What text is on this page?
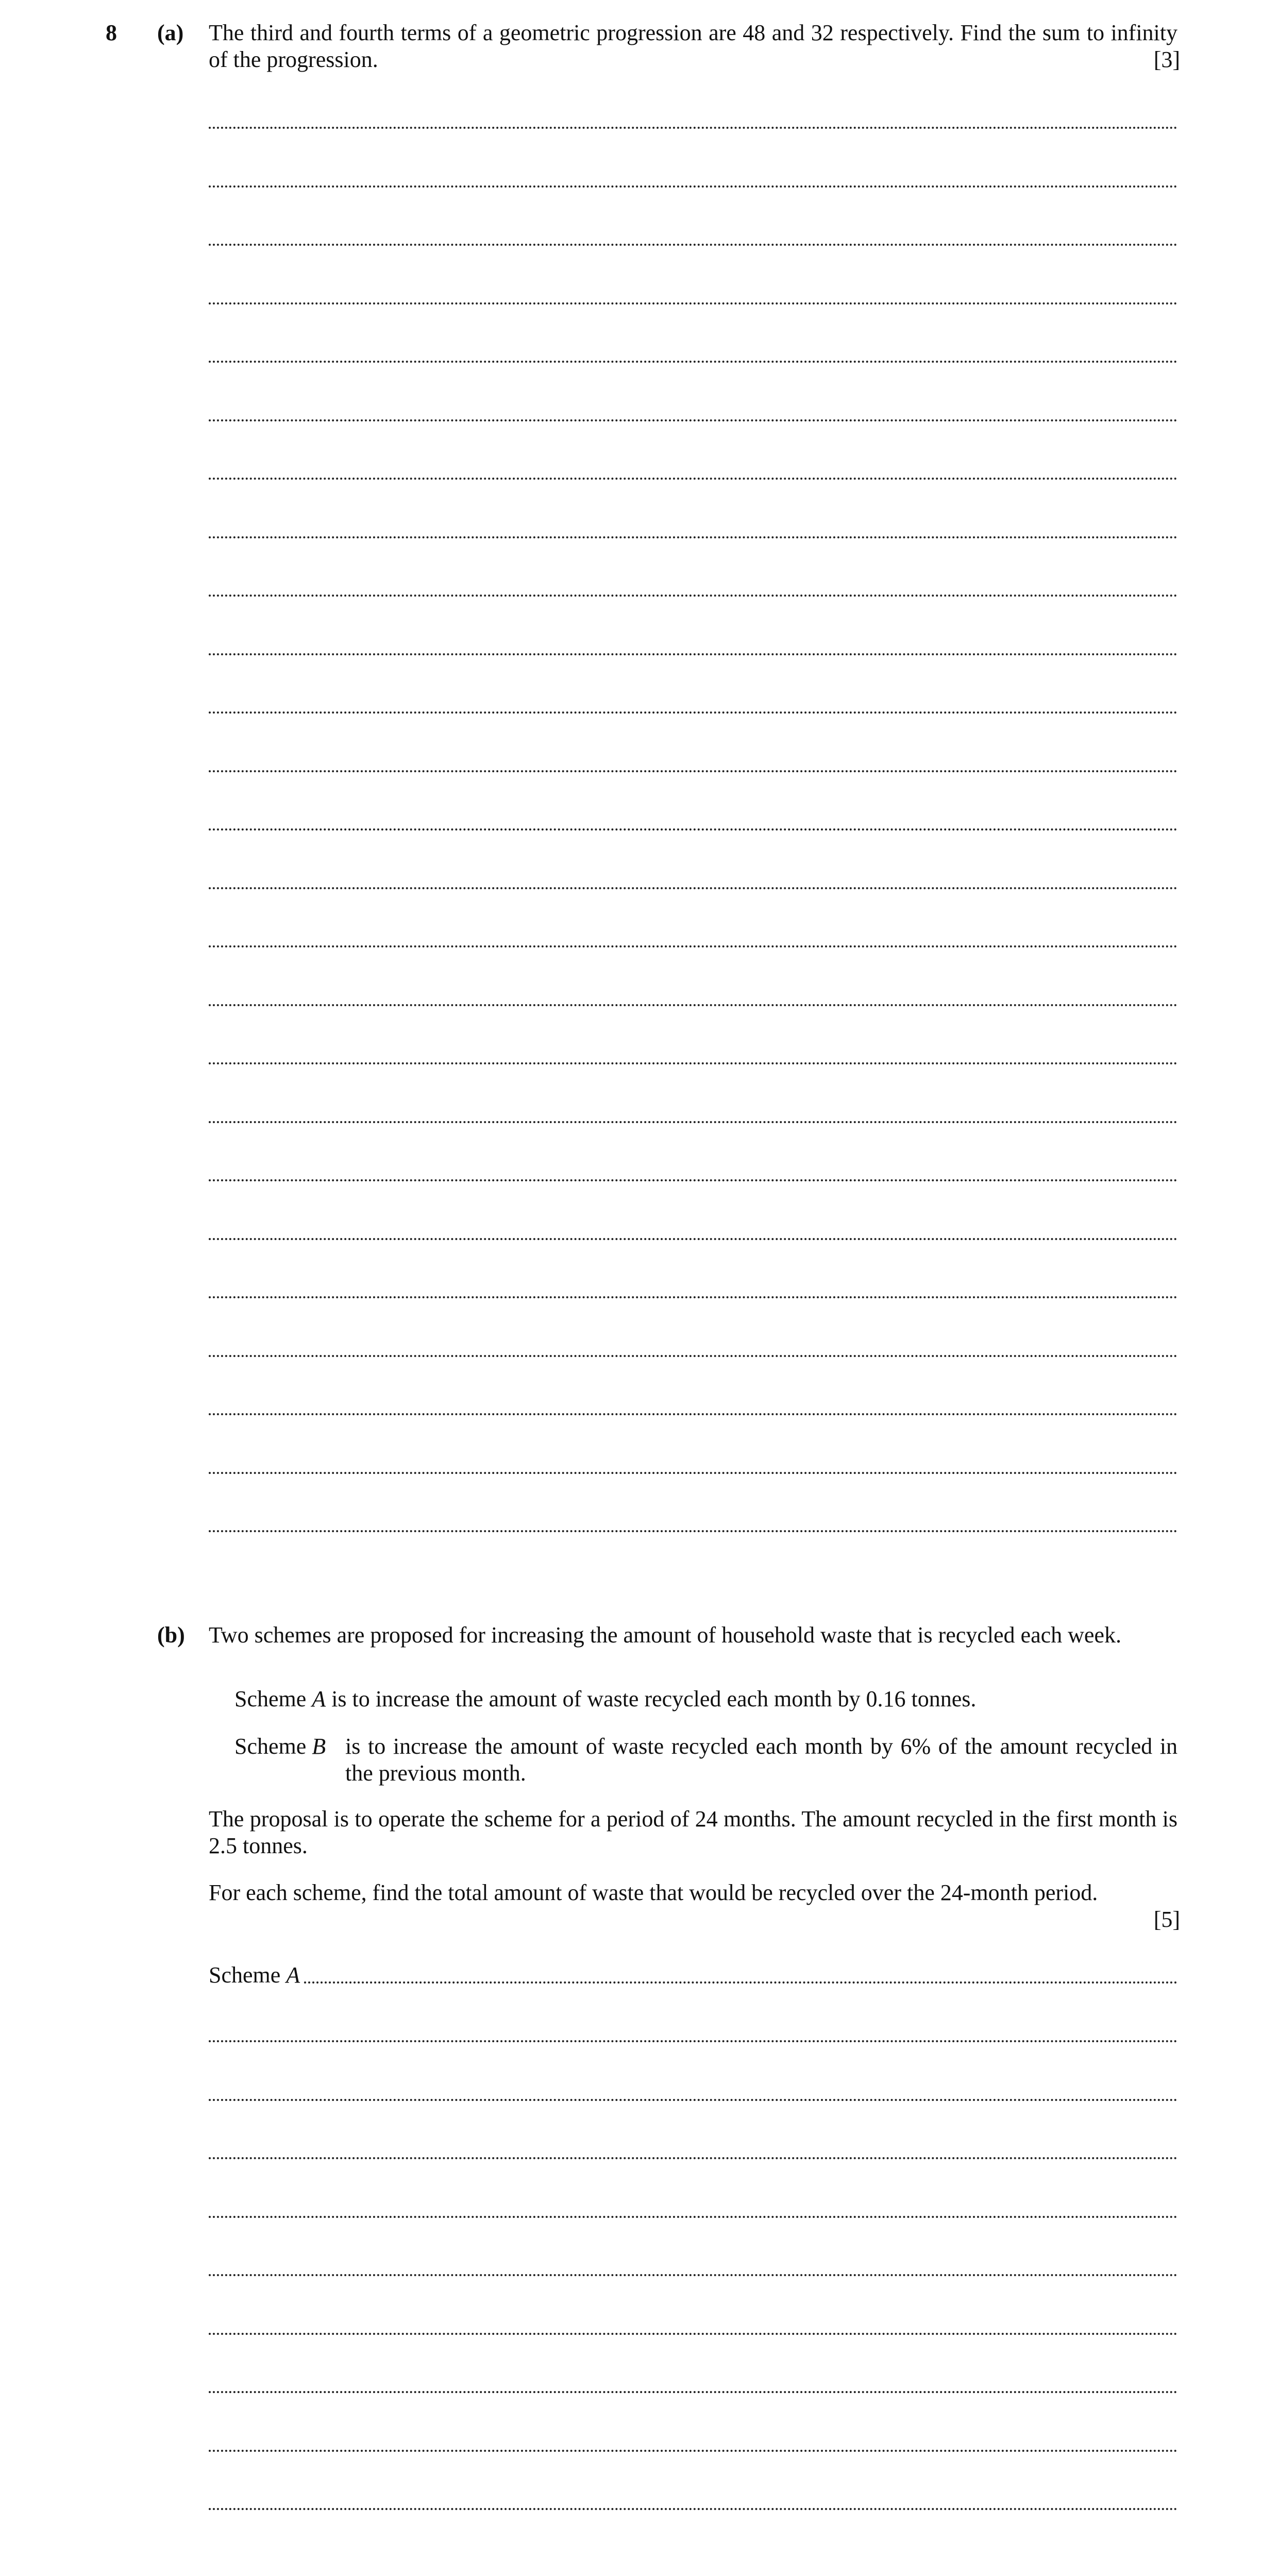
8 (a) The third and fourth terms of a geometric progression are 48 and 32 respectively. Find the sum to infinity of the progression.	[3]
(b) Two schemes are proposed for increasing the amount of household waste that is recycled each week.
Scheme A is to increase the amount of waste recycled each month by 0.16 tonnes.
Scheme B is to increase the amount of waste recycled each month by 6% of the amount recycled in the previous month.
The proposal is to operate the scheme for a period of 24 months. The amount recycled in the first month is 2.5 tonnes.
For each scheme, find the total amount of waste that would be recycled over the 24-month period.
[5]
Scheme A
